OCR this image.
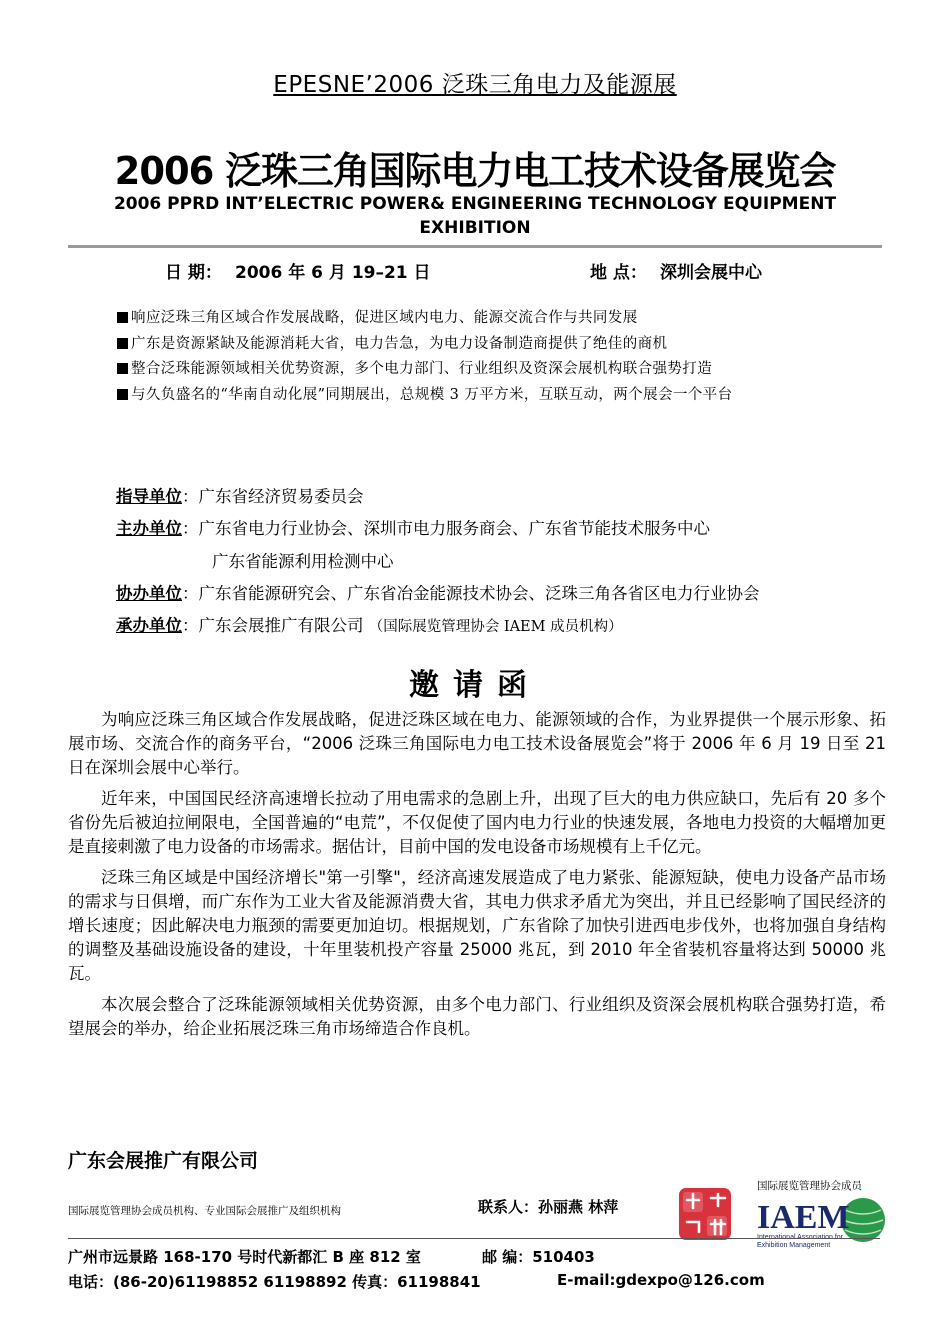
EPESNE’2006 泛珠三角电力及能源展
2006 泛珠三角国际电力电工技术设备展览会
2006 PPRD INT’ELECTRIC POWER& ENGINEERING TECHNOLOGY EQUIPMENT EXHIBITION
日 期： 2006 年 6 月 19–21 日	地 点： 深圳会展中心
响应泛珠三角区域合作发展战略，促进区域内电力、能源交流合作与共同发展
广东是资源紧缺及能源消耗大省，电力告急，为电力设备制造商提供了绝佳的商机
整合泛珠能源领域相关优势资源，多个电力部门、行业组织及资深会展机构联合强势打造
与久负盛名的“华南自动化展”同期展出，总规模 3 万平方米，互联互动，两个展会一个平台
指导单位：广东省经济贸易委员会
主办单位：广东省电力行业协会、深圳市电力服务商会、广东省节能技术服务中心
广东省能源利用检测中心
协办单位：广东省能源研究会、广东省冶金能源技术协会、泛珠三角各省区电力行业协会
承办单位：广东会展推广有限公司 （国际展览管理协会 IAEM 成员机构）
邀请函

为响应泛珠三角区域合作发展战略，促进泛珠区域在电力、能源领域的合作，为业界提供一个展示形象、拓展市场、交流合作的商务平台，“2006 泛珠三角国际电力电工技术设备展览会”将于 2006 年 6 月 19 日至 21 日在深圳会展中心举行。

近年来，中国国民经济高速增长拉动了用电需求的急剧上升，出现了巨大的电力供应缺口，先后有 20 多个省份先后被迫拉闸限电，全国普遍的“电荒”，不仅促使了国内电力行业的快速发展，各地电力投资的大幅增加更是直接刺激了电力设备的市场需求。据估计，目前中国的发电设备市场规模有上千亿元。

泛珠三角区域是中国经济增长"第一引擎"，经济高速发展造成了电力紧张、能源短缺，使电力设备产品市场的需求与日俱增，而广东作为工业大省及能源消费大省，其电力供求矛盾尤为突出，并且已经影响了国民经济的增长速度；因此解决电力瓶颈的需要更加迫切。根据规划，广东省除了加快引进西电步伐外，也将加强自身结构的调整及基础设施设备的建设，十年里装机投产容量 25000 兆瓦，到 2010 年全省装机容量将达到 50000 兆瓦。

本次展会整合了泛珠能源领域相关优势资源，由多个电力部门、行业组织及资深会展机构联合强势打造，希望展会的举办，给企业拓展泛珠三角市场缔造合作良机。

广东会展推广有限公司
国际展览管理协会成员机构、专业国际会展推广及组织机构	联系人：孙丽燕 林萍
国际展览管理协会成员
IAEM
Exhibition Management
广州市远景路 168-170 号时代新都汇 B 座 812 室	邮 编：510403
电话：(86-20)61198852 61198892 传真：61198841	E-mail:gdexpo@126.com
